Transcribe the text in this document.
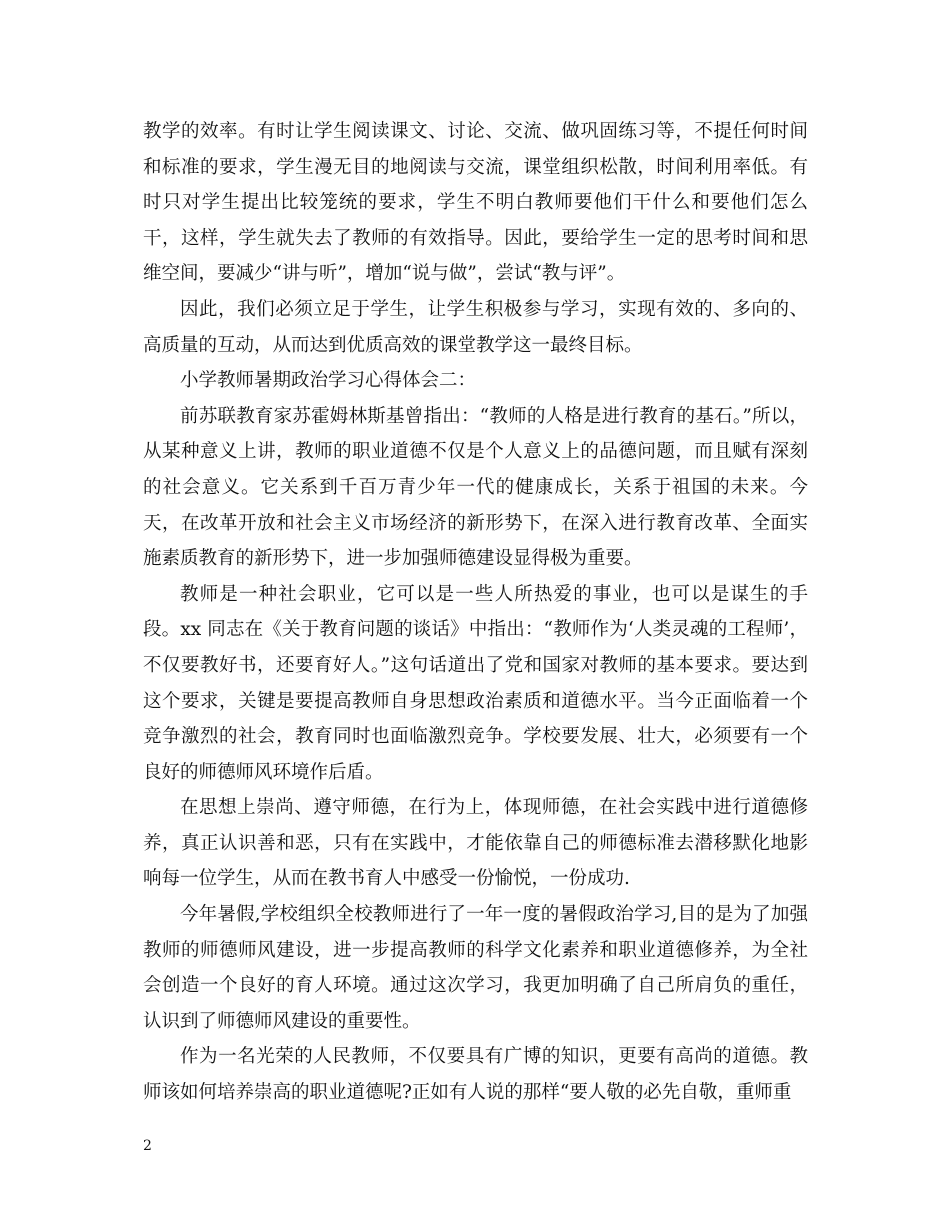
教学的效率。有时让学生阅读课文、讨论、交流、做巩固练习等，不提任何时间和标准的要求，学生漫无目的地阅读与交流，课堂组织松散，时间利用率低。有时只对学生提出比较笼统的要求，学生不明白教师要他们干什么和要他们怎么干，这样，学生就失去了教师的有效指导。因此，要给学生一定的思考时间和思维空间，要减少“讲与听”，增加“说与做”，尝试“教与评”。
因此，我们必须立足于学生，让学生积极参与学习，实现有效的、多向的、高质量的互动，从而达到优质高效的课堂教学这一最终目标。
小学教师暑期政治学习心得体会二：
前苏联教育家苏霍姆林斯基曾指出：“教师的人格是进行教育的基石。”所以，从某种意义上讲，教师的职业道德不仅是个人意义上的品德问题，而且赋有深刻的社会意义。它关系到千百万青少年一代的健康成长，关系于祖国的未来。今天，在改革开放和社会主义市场经济的新形势下，在深入进行教育改革、全面实施素质教育的新形势下，进一步加强师德建设显得极为重要。
教师是一种社会职业，它可以是一些人所热爱的事业，也可以是谋生的手段。xx 同志在《关于教育问题的谈话》中指出：“教师作为‘人类灵魂的工程师’，不仅要教好书，还要育好人。”这句话道出了党和国家对教师的基本要求。要达到这个要求，关键是要提高教师自身思想政治素质和道德水平。当今正面临着一个竞争激烈的社会，教育同时也面临激烈竞争。学校要发展、壮大，必须要有一个良好的师德师风环境作后盾。
在思想上崇尚、遵守师德，在行为上，体现师德，在社会实践中进行道德修养，真正认识善和恶，只有在实践中，才能依靠自己的师德标准去潜移默化地影响每一位学生，从而在教书育人中感受一份愉悦，一份成功.
今年暑假,学校组织全校教师进行了一年一度的暑假政治学习,目的是为了加强教师的师德师风建设，进一步提高教师的科学文化素养和职业道德修养，为全社会创造一个良好的育人环境。通过这次学习，我更加明确了自己所肩负的重任，认识到了师德师风建设的重要性。
作为一名光荣的人民教师，不仅要具有广博的知识，更要有高尚的道德。教师该如何培养崇高的职业道德呢?正如有人说的那样“要人敬的必先自敬，重师重
2
